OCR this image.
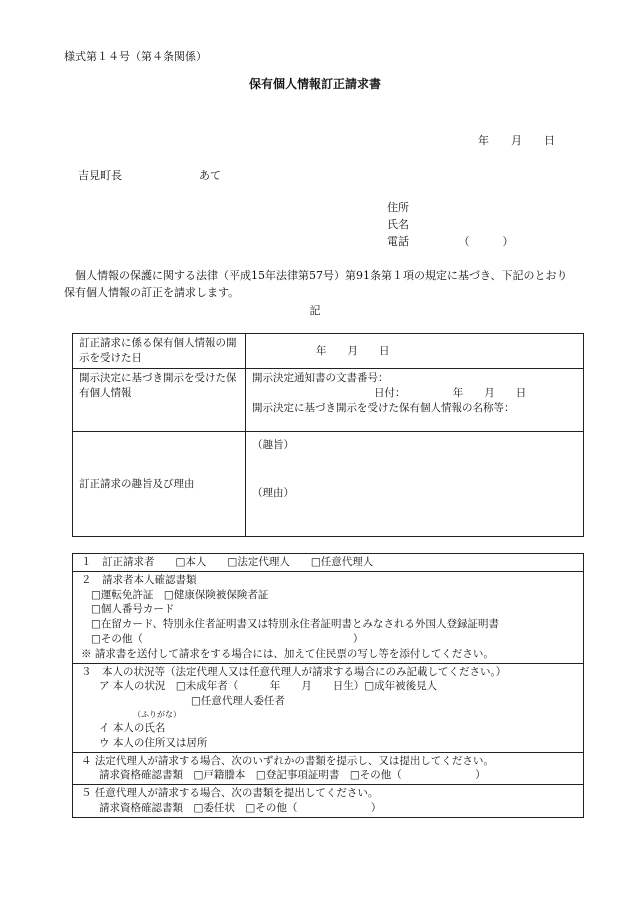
様式第１４号（第４条関係）
保有個人情報訂正請求書
年　　月　　日
吉見町長	あて
住所
氏名
電話　　　　　（　　　）
　個人情報の保護に関する法律（平成15年法律第57号）第91条第１項の規定に基づき、下記のとおり保有個人情報の訂正を請求します。
記
訂正請求に係る保有個人情報の開示を受けた日	年　　月　　日
開示決定に基づき開示を受けた保有個人情報	開示決定通知書の文書番号：
日付：　　　　　年　　月　　日
開示決定に基づき開示を受けた保有個人情報の名称等：

訂正請求の趣旨及び理由	（趣旨）
（理由）
１　訂正請求者　　□本人　　□法定代理人　　□任意代理人

２　請求者本人確認書類
□運転免許証　□健康保険被保険者証
□個人番号カード
□在留カード、特別永住者証明書又は特別永住者証明書とみなされる外国人登録証明書
□その他（　　　　　　　　　　　　　　　　　　　　）
※ 請求書を送付して請求をする場合には、加えて住民票の写し等を添付してください。

３　本人の状況等（法定代理人又は任意代理人が請求する場合にのみ記載してください。）
ア 本人の状況　□未成年者（　　　年　　月　　日生）□成年被後見人
□任意代理人委任者
（ふりがな）
イ 本人の氏名
ウ 本人の住所又は居所

４ 法定代理人が請求する場合、次のいずれかの書類を提示し、又は提出してください。
請求資格確認書類　□戸籍謄本　□登記事項証明書　□その他（　　　　　　　）

５ 任意代理人が請求する場合、次の書類を提出してください。
請求資格確認書類　□委任状　□その他（　　　　　　　）
